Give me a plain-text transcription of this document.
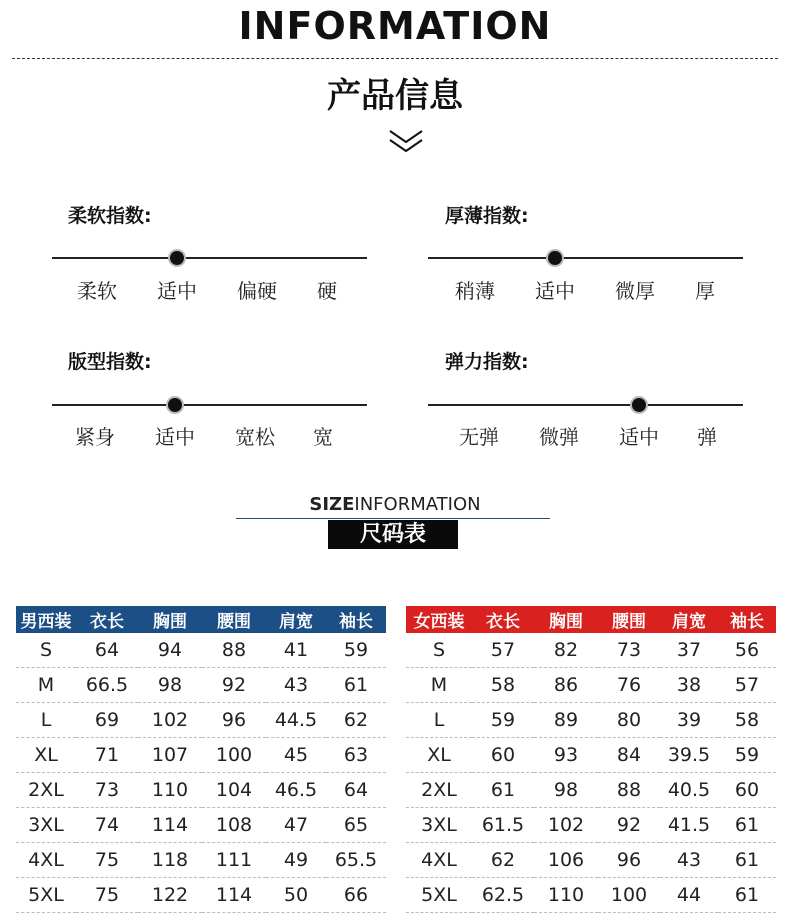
INFORMATION
产品信息
柔软指数:
柔软	适中	偏硬	硬
厚薄指数:
稍薄	适中	微厚	厚
版型指数:
紧身	适中	宽松	宽
弹力指数:
无弹	微弹	适中	弹
SIZEINFORMATION
尺码表
男西装	衣长	胸围	腰围	肩宽	袖长
S	64	94	88	41	59
M	66.5	98	92	43	61
L	69	102	96	44.5	62
XL	71	107	100	45	63
2XL	73	110	104	46.5	64
3XL	74	114	108	47	65
4XL	75	118	111	49	65.5
5XL	75	122	114	50	66
女西装	衣长	胸围	腰围	肩宽	袖长
S	57	82	73	37	56
M	58	86	76	38	57
L	59	89	80	39	58
XL	60	93	84	39.5	59
2XL	61	98	88	40.5	60
3XL	61.5	102	92	41.5	61
4XL	62	106	96	43	61
5XL	62.5	110	100	44	61
